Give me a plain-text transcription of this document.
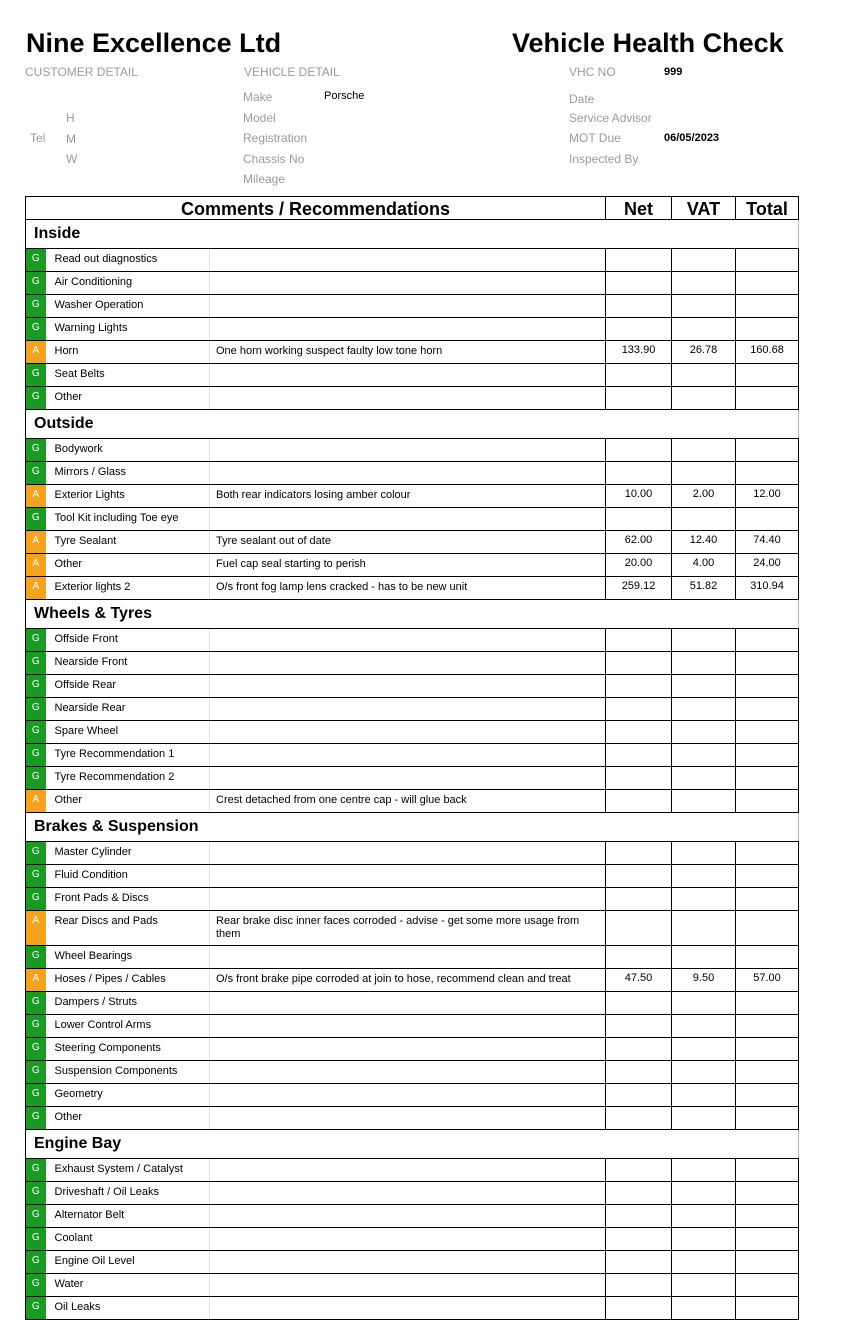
Nine Excellence Ltd	Vehicle Health Check
CUSTOMER DETAIL
Tel
H
M
W
VEHICLE DETAIL
Make	Porsche
Model
Registration
Chassis No
Mileage
VHC NO	999
Date
Service Advisor
MOT Due	06/05/2023
Inspected By
Comments / Recommendations			Net	VAT	Total
Inside					
G	Read out diagnostics				
G	Air Conditioning				
G	Washer Operation				
G	Warning Lights				
A	Horn	One horn working suspect faulty low tone horn	133.90	26.78	160.68
G	Seat Belts				
G	Other				
Outside					
G	Bodywork				
G	Mirrors / Glass				
A	Exterior Lights	Both rear indicators losing amber colour	10.00	2.00	12.00
G	Tool Kit including Toe eye				
A	Tyre Sealant	Tyre sealant out of date	62.00	12.40	74.40
A	Other	Fuel cap seal starting to perish	20.00	4.00	24.00
A	Exterior lights 2	O/s front fog lamp lens cracked - has to be new unit	259.12	51.82	310.94
Wheels & Tyres					
G	Offside Front				
G	Nearside Front				
G	Offside Rear				
G	Nearside Rear				
G	Spare Wheel				
G	Tyre Recommendation 1				
G	Tyre Recommendation 2				
A	Other	Crest detached from one centre cap - will glue back			
Brakes & Suspension					
G	Master Cylinder				
G	Fluid Condition				
G	Front Pads & Discs				
A	Rear Discs and Pads	Rear brake disc inner faces corroded - advise - get some more usage from them			
G	Wheel Bearings				
A	Hoses / Pipes / Cables	O/s front brake pipe corroded at join to hose, recommend clean and treat	47.50	9.50	57.00
G	Dampers / Struts				
G	Lower Control Arms				
G	Steering Components				
G	Suspension Components				
G	Geometry				
G	Other				
Engine Bay					
G	Exhaust System / Catalyst				
G	Driveshaft / Oil Leaks				
G	Alternator Belt				
G	Coolant				
G	Engine Oil Level				
G	Water				
G	Oil Leaks				
